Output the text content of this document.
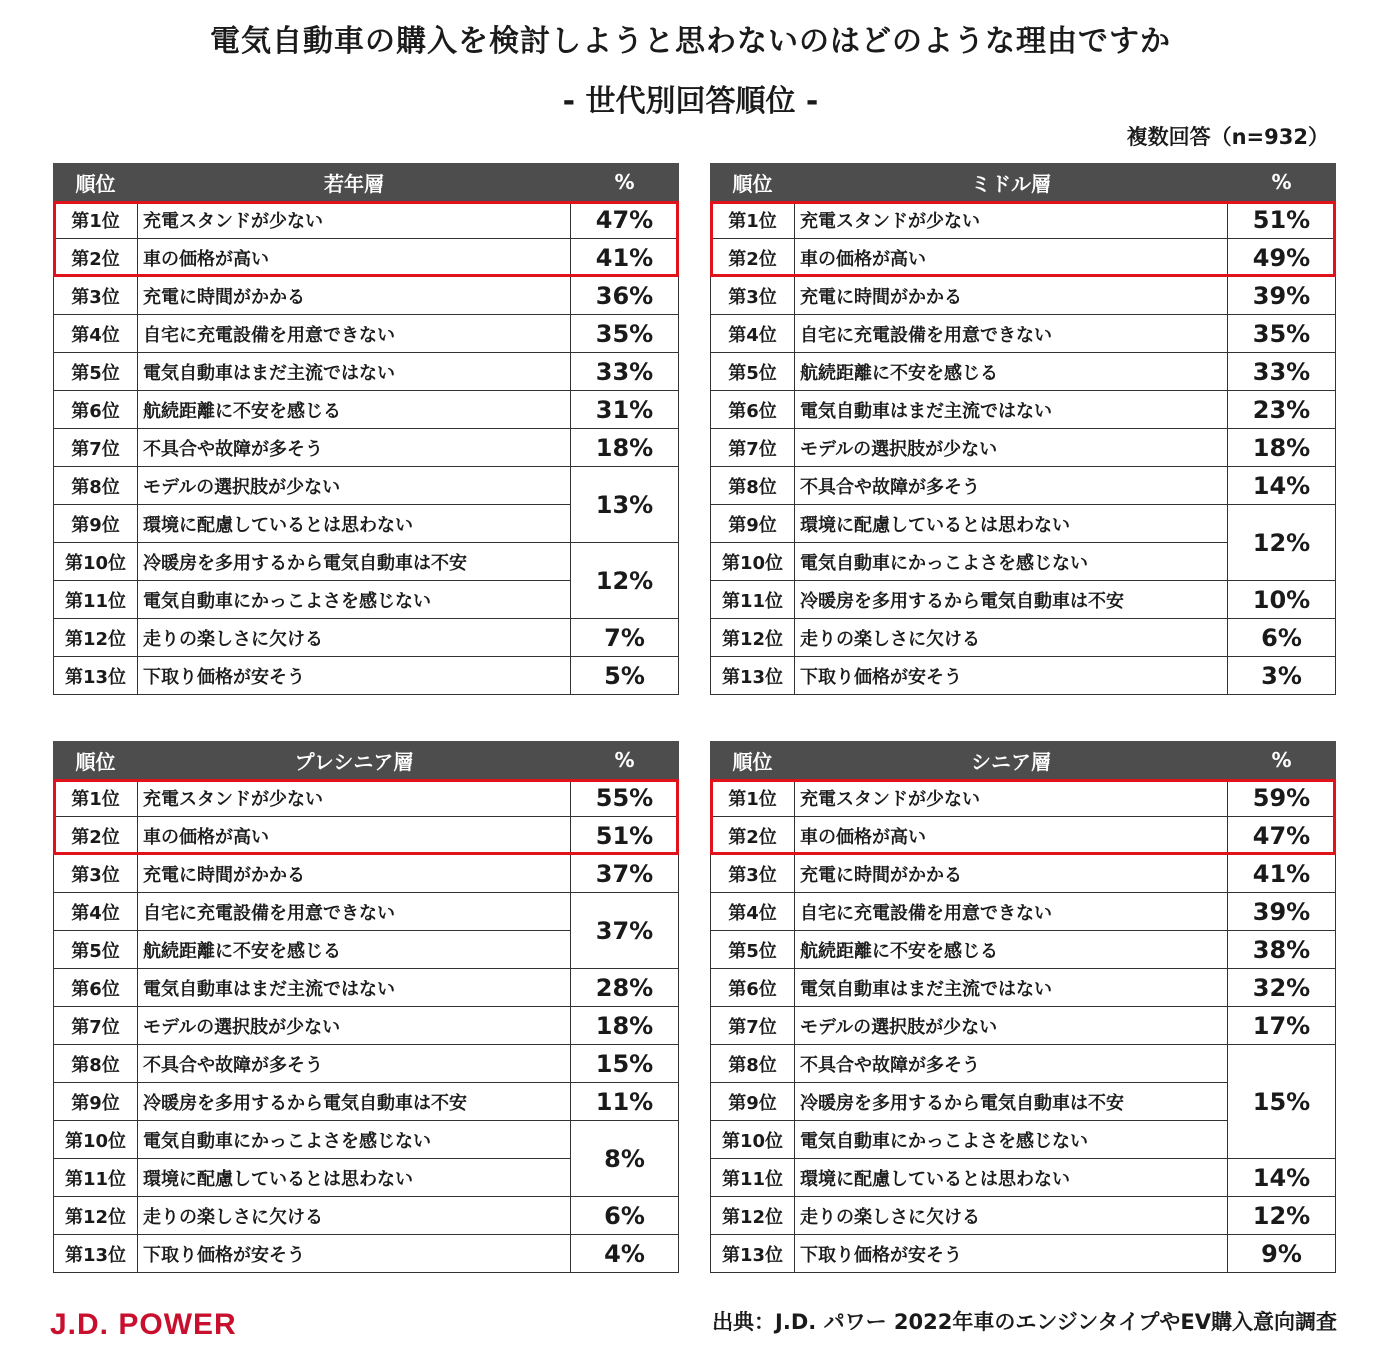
電気自動車の購入を検討しようと思わないのはどのような理由ですか
- 世代別回答順位 -
複数回答（n=932）
順位	若年層	%
第1位	充電スタンドが少ない	47%
第2位	車の価格が高い	41%
第3位	充電に時間がかかる	36%
第4位	自宅に充電設備を用意できない	35%
第5位	電気自動車はまだ主流ではない	33%
第6位	航続距離に不安を感じる	31%
第7位	不具合や故障が多そう	18%
第8位	モデルの選択肢が少ない	13%
第9位	環境に配慮しているとは思わない	
第10位	冷暖房を多用するから電気自動車は不安	12%
第11位	電気自動車にかっこよさを感じない	
第12位	走りの楽しさに欠ける	7%
第13位	下取り価格が安そう	5%
順位	ミドル層	%
第1位	充電スタンドが少ない	51%
第2位	車の価格が高い	49%
第3位	充電に時間がかかる	39%
第4位	自宅に充電設備を用意できない	35%
第5位	航続距離に不安を感じる	33%
第6位	電気自動車はまだ主流ではない	23%
第7位	モデルの選択肢が少ない	18%
第8位	不具合や故障が多そう	14%
第9位	環境に配慮しているとは思わない	12%
第10位	電気自動車にかっこよさを感じない	
第11位	冷暖房を多用するから電気自動車は不安	10%
第12位	走りの楽しさに欠ける	6%
第13位	下取り価格が安そう	3%
順位	プレシニア層	%
第1位	充電スタンドが少ない	55%
第2位	車の価格が高い	51%
第3位	充電に時間がかかる	37%
第4位	自宅に充電設備を用意できない	37%
第5位	航続距離に不安を感じる	
第6位	電気自動車はまだ主流ではない	28%
第7位	モデルの選択肢が少ない	18%
第8位	不具合や故障が多そう	15%
第9位	冷暖房を多用するから電気自動車は不安	11%
第10位	電気自動車にかっこよさを感じない	8%
第11位	環境に配慮しているとは思わない	
第12位	走りの楽しさに欠ける	6%
第13位	下取り価格が安そう	4%
順位	シニア層	%
第1位	充電スタンドが少ない	59%
第2位	車の価格が高い	47%
第3位	充電に時間がかかる	41%
第4位	自宅に充電設備を用意できない	39%
第5位	航続距離に不安を感じる	38%
第6位	電気自動車はまだ主流ではない	32%
第7位	モデルの選択肢が少ない	17%
第8位	不具合や故障が多そう	15%
第9位	冷暖房を多用するから電気自動車は不安	
第10位	電気自動車にかっこよさを感じない	
第11位	環境に配慮しているとは思わない	14%
第12位	走りの楽しさに欠ける	12%
第13位	下取り価格が安そう	9%
J.D. POWER	出典：J.D. パワー 2022年車のエンジンタイプやEV購入意向調査
